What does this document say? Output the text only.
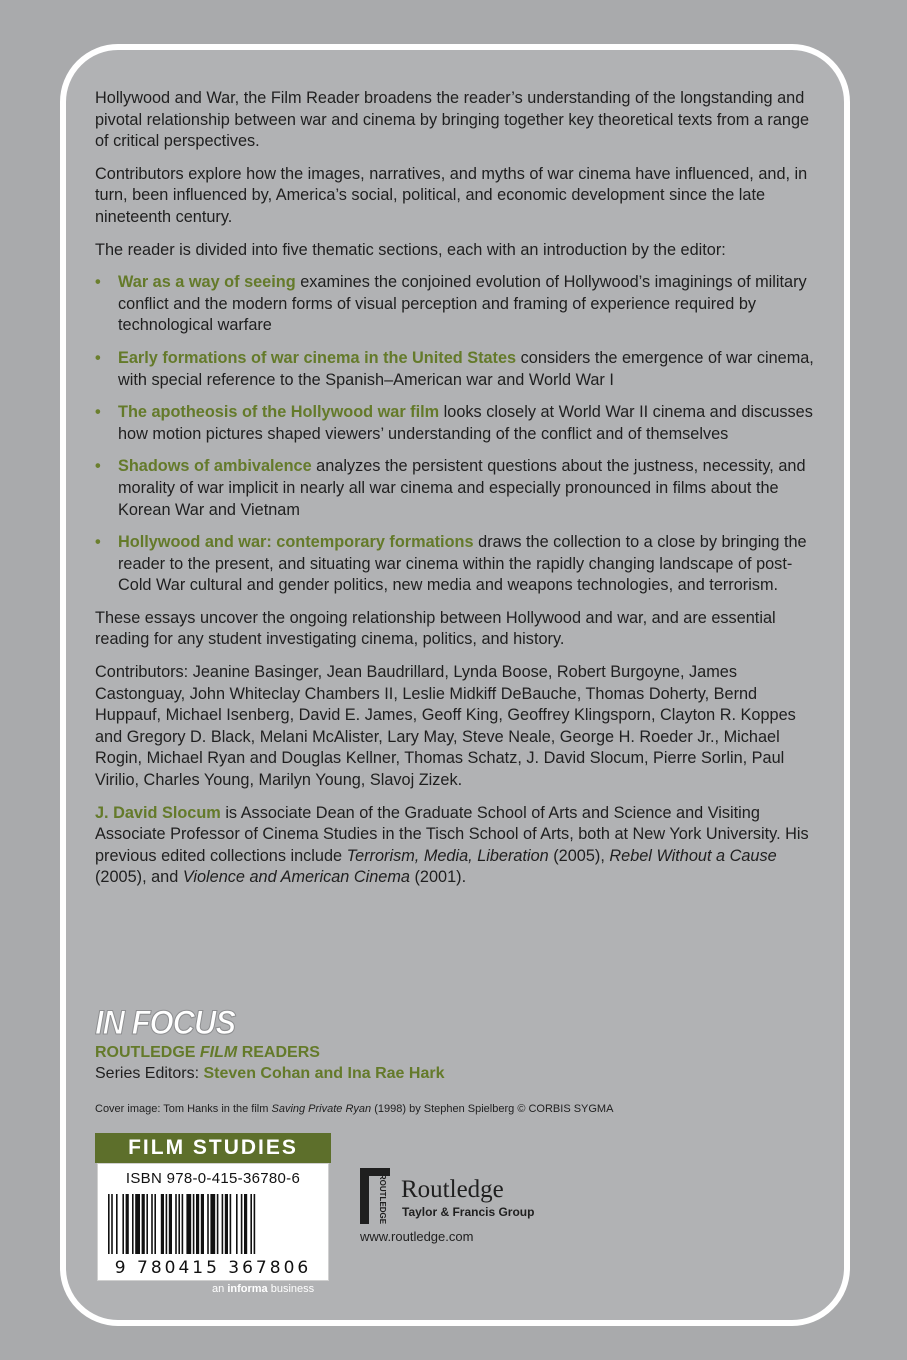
Hollywood and War, the Film Reader broadens the reader’s understanding of the longstanding and pivotal relationship between war and cinema by bringing together key theoretical texts from a range of critical perspectives.

Contributors explore how the images, narratives, and myths of war cinema have influenced, and, in turn, been influenced by, America’s social, political, and economic development since the late nineteenth century.

The reader is divided into five thematic sections, each with an introduction by the editor:

• War as a way of seeing examines the conjoined evolution of Hollywood’s imaginings of military conflict and the modern forms of visual perception and framing of experience required by technological warfare
• Early formations of war cinema in the United States considers the emergence of war cinema, with special reference to the Spanish–American war and World War I
• The apotheosis of the Hollywood war film looks closely at World War II cinema and discusses how motion pictures shaped viewers’ understanding of the conflict and of themselves
• Shadows of ambivalence analyzes the persistent questions about the justness, necessity, and morality of war implicit in nearly all war cinema and especially pronounced in films about the Korean War and Vietnam
• Hollywood and war: contemporary formations draws the collection to a close by bringing the reader to the present, and situating war cinema within the rapidly changing landscape of post-Cold War cultural and gender politics, new media and weapons technologies, and terrorism.

These essays uncover the ongoing relationship between Hollywood and war, and are essential reading for any student investigating cinema, politics, and history.

Contributors: Jeanine Basinger, Jean Baudrillard, Lynda Boose, Robert Burgoyne, James Castonguay, John Whiteclay Chambers II, Leslie Midkiff DeBauche, Thomas Doherty, Bernd Huppauf, Michael Isenberg, David E. James, Geoff King, Geoffrey Klingsporn, Clayton R. Koppes and Gregory D. Black, Melani McAlister, Lary May, Steve Neale, George H. Roeder Jr., Michael Rogin, Michael Ryan and Douglas Kellner, Thomas Schatz, J. David Slocum, Pierre Sorlin, Paul Virilio, Charles Young, Marilyn Young, Slavoj Zizek.

J. David Slocum is Associate Dean of the Graduate School of Arts and Science and Visiting Associate Professor of Cinema Studies in the Tisch School of Arts, both at New York University. His previous edited collections include Terrorism, Media, Liberation (2005), Rebel Without a Cause (2005), and Violence and American Cinema (2001).

IN FOCUS
ROUTLEDGE FILM READERS
Series Editors: Steven Cohan and Ina Rae Hark
Cover image: Tom Hanks in the film Saving Private Ryan (1998) by Stephen Spielberg © CORBIS SYGMA
FILM STUDIES
ISBN 978-0-415-36780-6
9 780415 367806
an informa business
ROUTLEDGE Routledge
Taylor & Francis Group
www.routledge.com
